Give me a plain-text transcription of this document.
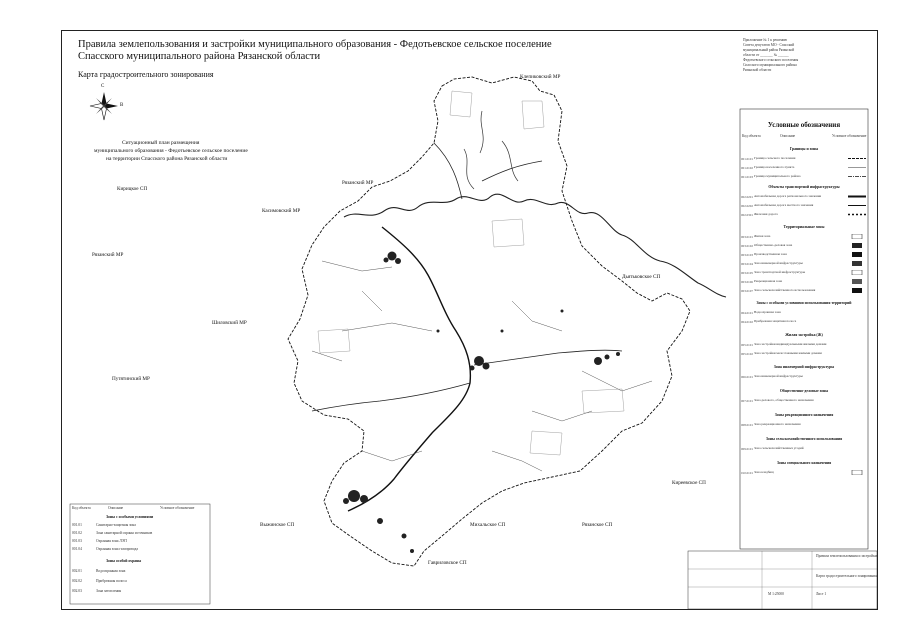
Правила землепользования и застройки муниципального образования - Федотьевское сельское поселение
Спасского муниципального района Рязанской области
Карта градостроительного зонирования
Приложение № 1 к решению
Совета депутатов МО - Спасский
муниципальный район Рязанской
области от _______ № ______
Федотьевского сельского поселения
Спасского муниципального района
Рязанской области
Ситуационный план размещения
муниципального образования - Федотьевское сельское поселение
на территории Спасского района Рязанской области
С
В
Клепиковский МР
Рязанский МР
Касимовский МР
Дьятьковское СП
Шиловский МР
Кирицкое СП
Рязанский МР
Путятинский МР
Киреевское СП
Выжинское СП	Михальское СП	Рязанское СП
Гавриловское СП
Условные обозначения
Код объекта	Описание	Условное обозначение
Границы и зоны
001.0101 Граница сельского поселения
001.0102 Граница населенного пункта
001.0103 Граница муниципального района
Объекты транспортной инфраструктуры
002.0201 Автомобильная дорога регионального значения
002.0202 Автомобильная дорога местного значения
002.0301 Железная дорога
Территориальные зоны
003.0101 Жилая зона
003.0102 Общественно-деловая зона
003.0103 Производственная зона
003.0104 Зона инженерной инфраструктуры
003.0105 Зона транспортной инфраструктуры
003.0106 Рекреационная зона
003.0107 Зона сельскохозяйственного использования
Зоны с особыми условиями использования территорий
004.0101 Водоохранная зона
004.0102 Прибрежная защитная полоса
Жилая застройка (Ж)
005.0101 Зона застройки индивидуальными жилыми домами
005.0102 Зона застройки малоэтажными жилыми домами
Зона инженерной инфраструктуры
006.0101 Зона инженерной инфраструктуры
Общественно-деловые зоны
007.0101 Зона делового, общественного назначения
Зоны рекреационного назначения
008.0101 Зона рекреационного назначения
Зоны сельскохозяйственного использования
009.0101 Зона сельскохозяйственных угодий
Зоны специального назначения
010.0101 Зона кладбищ
Код объекта	Описание	Условное обозначение
Зоны с особыми условиями
001.01	Санитарно-защитная зона
001.02	Зона санитарной охраны источников
001.03	Охранная зона ЛЭП
001.04	Охранная зона газопровода
Зоны особой охраны
002.01	Водоохранная зона
002.02	Прибрежная полоса
002.03	Зона затопления
Правила землепользования и застройки
Карта градостроительного зонирования
Лист 1
М 1:25000
